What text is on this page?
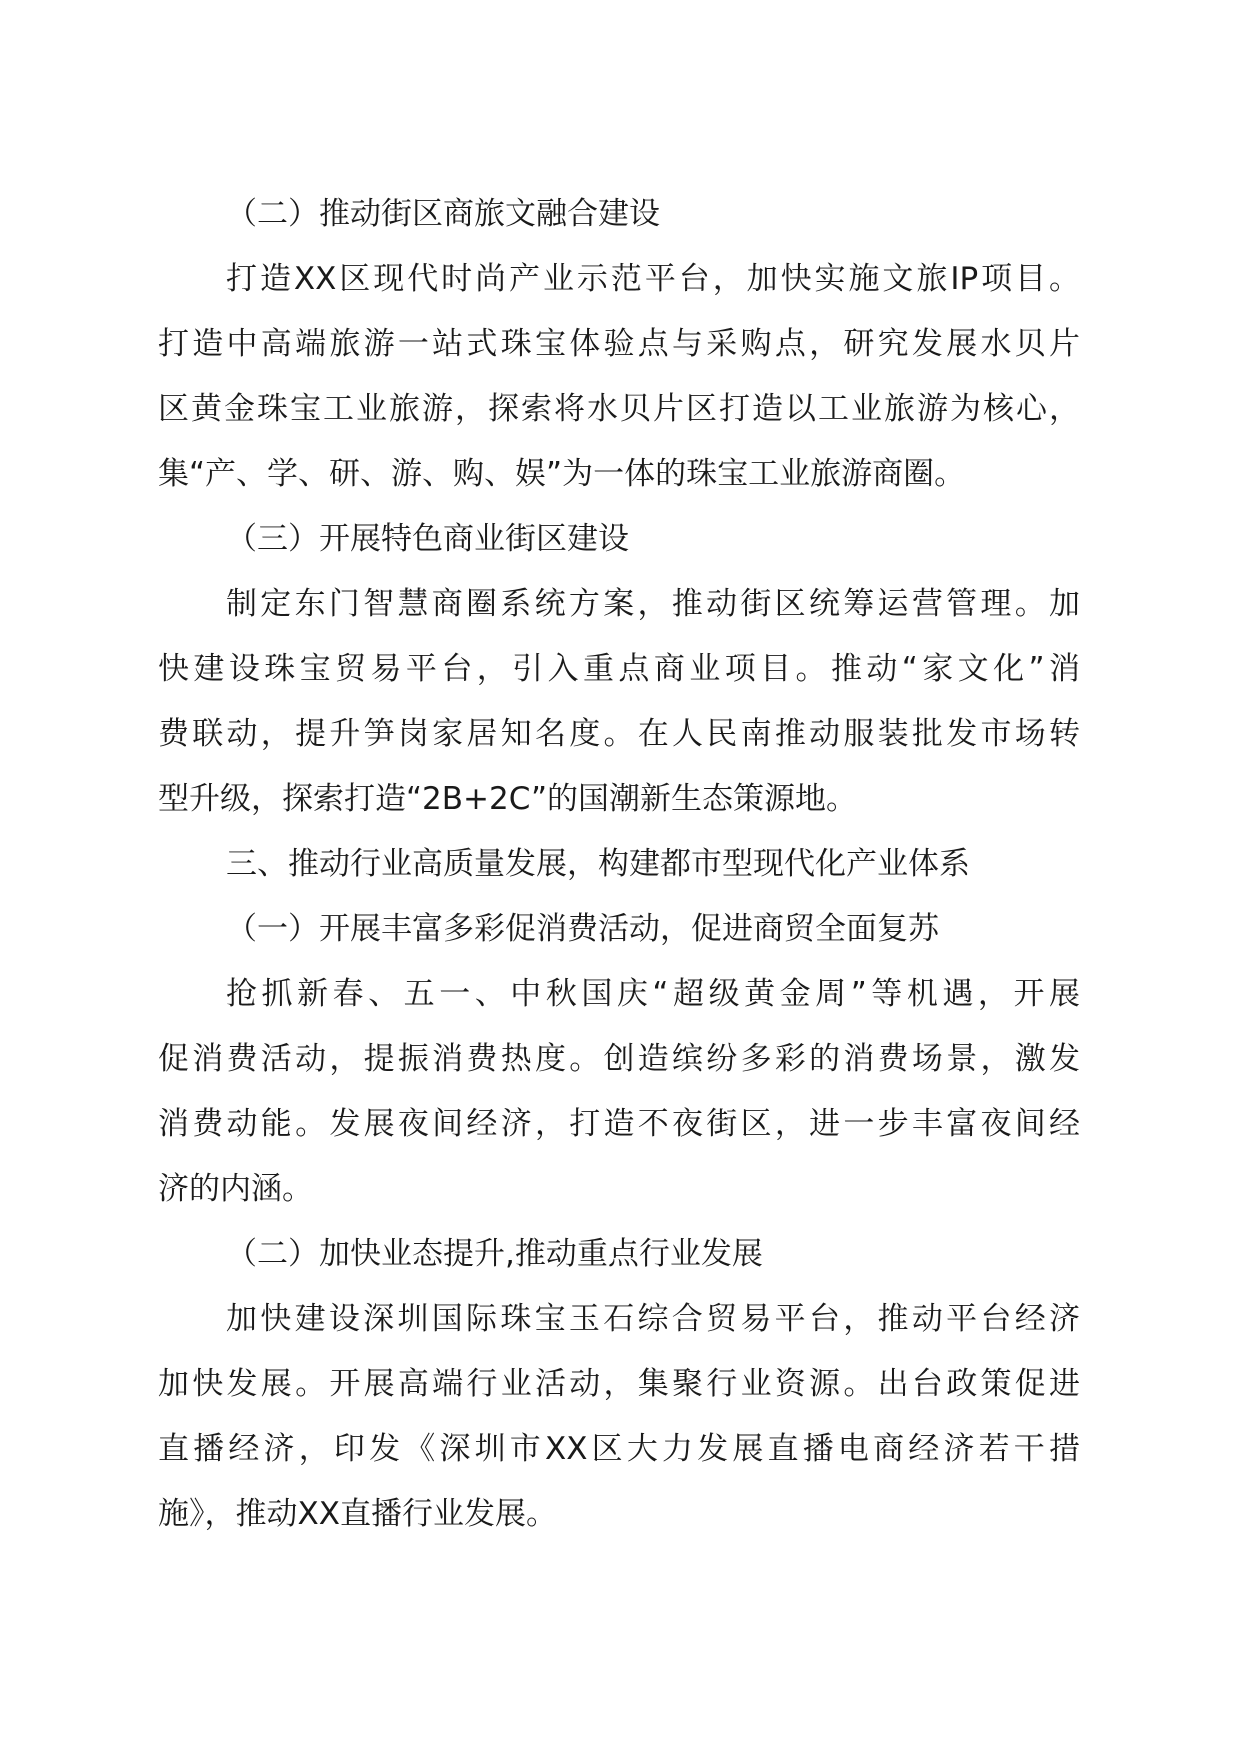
（二）推动街区商旅文融合建设

打造XX区现代时尚产业示范平台，加快实施文旅IP项目。

打造中高端旅游一站式珠宝体验点与采购点，研究发展水贝片

区黄金珠宝工业旅游，探索将水贝片区打造以工业旅游为核心，

集“产、学、研、游、购、娱”为一体的珠宝工业旅游商圈。

（三）开展特色商业街区建设

制定东门智慧商圈系统方案，推动街区统筹运营管理。加

快建设珠宝贸易平台，引入重点商业项目。推动“家文化”消

费联动，提升笋岗家居知名度。在人民南推动服装批发市场转

型升级，探索打造“2B+2C”的国潮新生态策源地。

三、推动行业高质量发展，构建都市型现代化产业体系

（一）开展丰富多彩促消费活动，促进商贸全面复苏

抢抓新春、五一、中秋国庆“超级黄金周”等机遇，开展

促消费活动，提振消费热度。创造缤纷多彩的消费场景，激发

消费动能。发展夜间经济，打造不夜街区，进一步丰富夜间经

济的内涵。

（二）加快业态提升,推动重点行业发展

加快建设深圳国际珠宝玉石综合贸易平台，推动平台经济

加快发展。开展高端行业活动，集聚行业资源。出台政策促进

直播经济，印发《深圳市XX区大力发展直播电商经济若干措

施》，推动XX直播行业发展。
